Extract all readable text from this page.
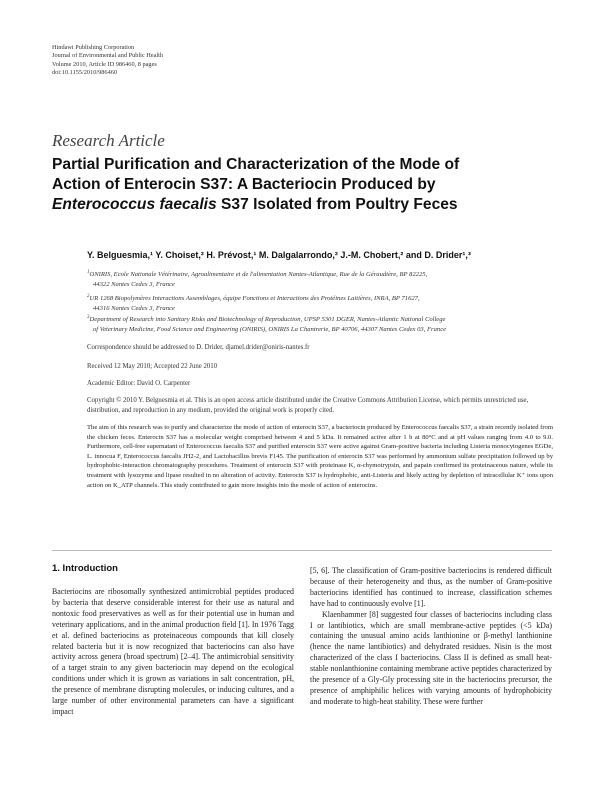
Hindawi Publishing Corporation
Journal of Environmental and Public Health
Volume 2010, Article ID 986460, 8 pages
doi:10.1155/2010/986460
Research Article
Partial Purification and Characterization of the Mode of
Action of Enterocin S37: A Bacteriocin Produced by
Enterococcus faecalis S37 Isolated from Poultry Feces
Y. Belguesmia,¹ Y. Choiset,² H. Prévost,¹ M. Dalgalarrondo,² J.-M. Chobert,² and D. Drider¹,³
$^1$ONIRIS, Ecole Nationale Vétérinaire, Agroalimentaire et de l'alimentation Nantes-Atlantique, Rue de la Géraudière, BP 82225,
44322 Nantes Cedex 3, France
$^2$UR 1268 Biopolymères Interactions Assemblages, équipe Fonctions et Interactions des Protéines Laitières, INRA, BP 71627,
44316 Nantes Cedex 3, France
$^3$Department of Research into Sanitary Risks and Biotechnology of Reproduction, UPSP 5301 DGER, Nantes-Atlantic National College
of Veterinary Medicine, Food Science and Engineering (ONIRIS), ONIRIS La Chantrerie, BP 40706, 44307 Nantes Cedex 03, France
Correspondence should be addressed to D. Drider, djamel.drider@oniris-nantes.fr
Received 12 May 2010; Accepted 22 June 2010
Academic Editor: David O. Carpenter
Copyright © 2010 Y. Belguesmia et al. This is an open access article distributed under the Creative Commons Attribution License, which permits unrestricted use, distribution, and reproduction in any medium, provided the original work is properly cited.
The aim of this research was to purify and characterize the mode of action of enterocin S37, a bacteriocin produced by Enterococcus faecalis S37, a strain recently isolated from the chicken feces. Enterocin S37 has a molecular weight comprised between 4 and 5 kDa. It remained active after 1 h at 80°C and at pH values ranging from 4.0 to 9.0. Furthermore, cell-free supernatant of Enterococcus faecalis S37 and purified enterocin S37 were active against Gram-positive bacteria including Listeria monocytogenes EGDe, L. innocua F, Enterococcus faecalis JH2-2, and Lactobacillus brevis F145. The purification of enterocin S37 was performed by ammonium sulfate precipitation followed up by hydrophobic-interaction chromatography procedures. Treatment of enterocin S37 with proteinase K, α-chymotrypsin, and papain confirmed its proteinaceous nature, while its treatment with lysozyme and lipase resulted in no alteration of activity. Enterocin S37 is hydrophobic, anti-Listeria and likely acting by depletion of intracellular K⁺ ions upon action on K_ATP channels. This study contributed to gain more insights into the mode of action of enterocins.
1. Introduction

Bacteriocins are ribosomally synthesized antimicrobial peptides produced by bacteria that deserve considerable interest for their use as natural and nontoxic food preservatives as well as for their potential use in human and veterinary applications, and in the animal production field [1]. In 1976 Tagg et al. defined bacteriocins as proteinaceous compounds that kill closely related bacteria but it is now recognized that bacteriocins can also have activity across genera (broad spectrum) [2–4]. The antimicrobial sensitivity of a target strain to any given bacteriocin may depend on the ecological conditions under which it is grown as variations in salt concentration, pH, the presence of membrane disrupting molecules, or inducing cultures, and a large number of other environmental parameters can have a significant impact

[5, 6]. The classification of Gram-positive bacteriocins is rendered difficult because of their heterogeneity and thus, as the number of Gram-positive bacteriocins identified has continued to increase, classification schemes have had to continuously evolve [1].

Klaenhammer [8] suggested four classes of bacteriocins including class I or lantibiotics, which are small membrane-active peptides (<5 kDa) containing the unusual amino acids lanthionine or β-methyl lanthionine (hence the name lantibiotics) and dehydrated residues. Nisin is the most characterized of the class I bacteriocins. Class II is defined as small heat-stable nonlanthionine containing membrane active peptides characterized by the presence of a Gly-Gly processing site in the bacteriocins precursor, the presence of amphiphilic helices with varying amounts of hydrophobicity and moderate to high-heat stability. These were further
